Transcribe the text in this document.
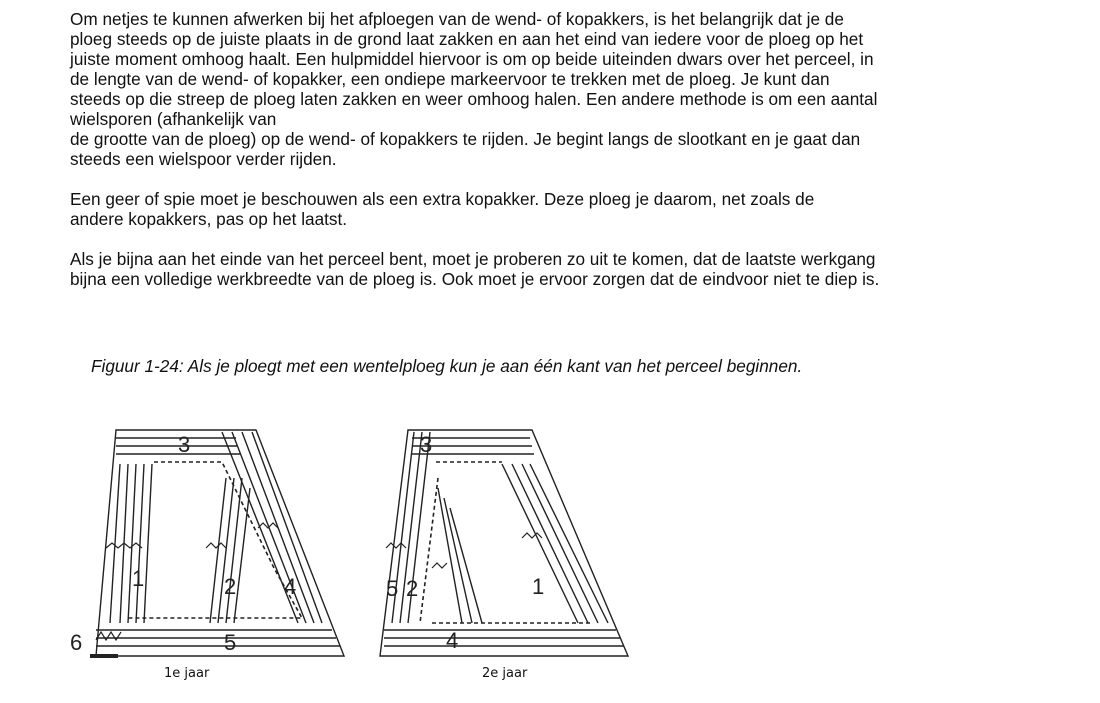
Om netjes te kunnen afwerken bij het afploegen van de wend- of kopakkers, is het belangrijk dat je de

ploeg steeds op de juiste plaats in de grond laat zakken en aan het eind van iedere voor de ploeg op het

juiste moment omhoog haalt. Een hulpmiddel hiervoor is om op beide uiteinden dwars over het perceel, in

de lengte van de wend- of kopakker, een ondiepe markeervoor te trekken met de ploeg. Je kunt dan

steeds op die streep de ploeg laten zakken en weer omhoog halen. Een andere methode is om een aantal

wielsporen (afhankelijk van

de grootte van de ploeg) op de wend- of kopakkers te rijden. Je begint langs de slootkant en je gaat dan

steeds een wielspoor verder rijden.

Een geer of spie moet je beschouwen als een extra kopakker. Deze ploeg je daarom, net zoals de

andere kopakkers, pas op het laatst.

Als je bijna aan het einde van het perceel bent, moet je proberen zo uit te komen, dat de laatste werkgang

bijna een volledige werkbreedte van de ploeg is. Ook moet je ervoor zorgen dat de eindvoor niet te diep is.

Figuur 1-24: Als je ploegt met een wentelploeg kun je aan één kant van het perceel beginnen.
3
1	2 4
5
6
3
5 2	1
4
1e jaar	2e jaar
